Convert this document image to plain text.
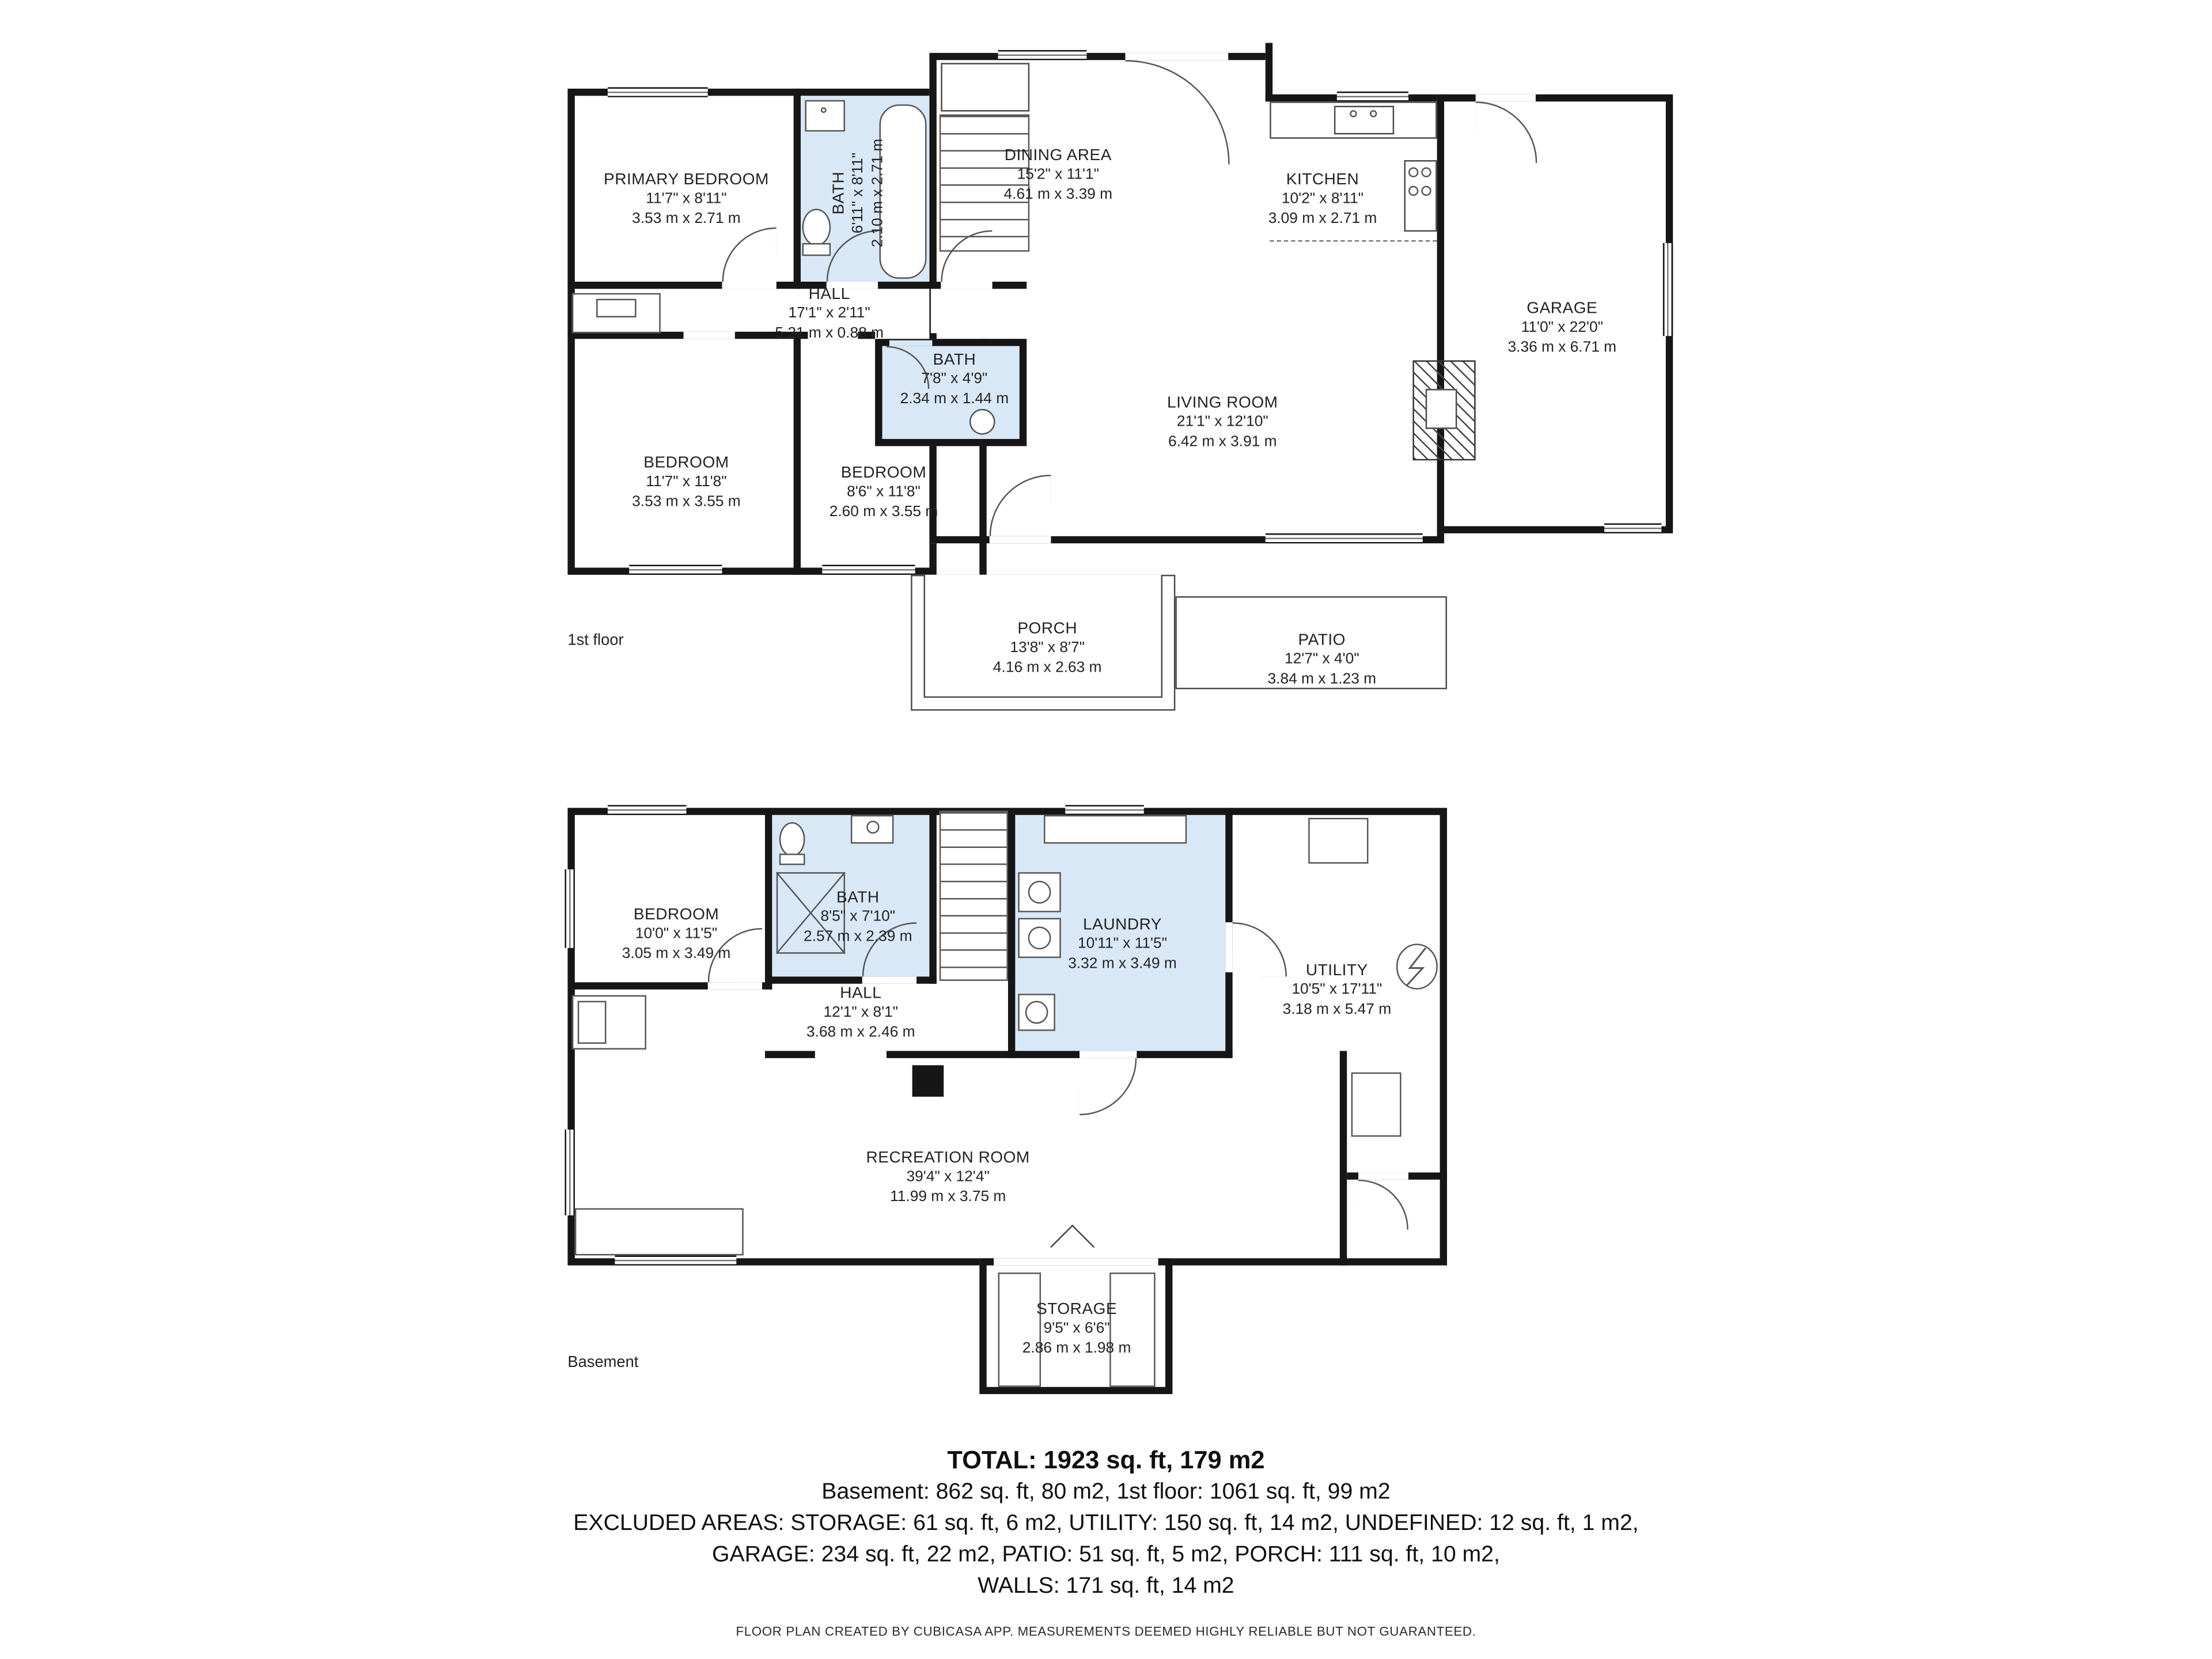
PRIMARY BEDROOM
11'7" x 8'11"
3.53 m x 2.71 m
BATH 6'11" x 8'11" 2.10 m x 2.71 m
HALL
17'1" x 2'11"
5.21 m x 0.88 m
DINING AREA
15'2" x 11'1"
4.61 m x 3.39 m
KITCHEN
10'2" x 8'11"
3.09 m x 2.71 m
GARAGE
11'0" x 22'0"
3.36 m x 6.71 m
BATH
7'8" x 4'9"
2.34 m x 1.44 m	LIVING ROOM
21'1" x 12'10"
6.42 m x 3.91 m
BEDROOM
11'7" x 11'8"
3.53 m x 3.55 m
BEDROOM
8'6" x 11'8"
2.60 m x 3.55 m
PORCH
13'8" x 8'7"
4.16 m x 2.63 m
PATIO
12'7" x 4'0"
3.84 m x 1.23 m
1st floor
BEDROOM
10'0" x 11'5"
3.05 m x 3.49 m
BATH
8'5" x 7'10"
2.57 m x 2.39 m
LAUNDRY
10'11" x 11'5"
3.32 m x 3.49 m	UTILITY
10'5" x 17'11"
3.18 m x 5.47 m
HALL
12'1" x 8'1"
3.68 m x 2.46 m
RECREATION ROOM
39'4" x 12'4"
11.99 m x 3.75 m
STORAGE
9'5" x 6'6"
2.86 m x 1.98 m
Basement
TOTAL: 1923 sq. ft, 179 m2
Basement: 862 sq. ft, 80 m2, 1st floor: 1061 sq. ft, 99 m2
EXCLUDED AREAS: STORAGE: 61 sq. ft, 6 m2, UTILITY: 150 sq. ft, 14 m2, UNDEFINED: 12 sq. ft, 1 m2,
GARAGE: 234 sq. ft, 22 m2, PATIO: 51 sq. ft, 5 m2, PORCH: 111 sq. ft, 10 m2,
WALLS: 171 sq. ft, 14 m2
FLOOR PLAN CREATED BY CUBICASA APP. MEASUREMENTS DEEMED HIGHLY RELIABLE BUT NOT GUARANTEED.
